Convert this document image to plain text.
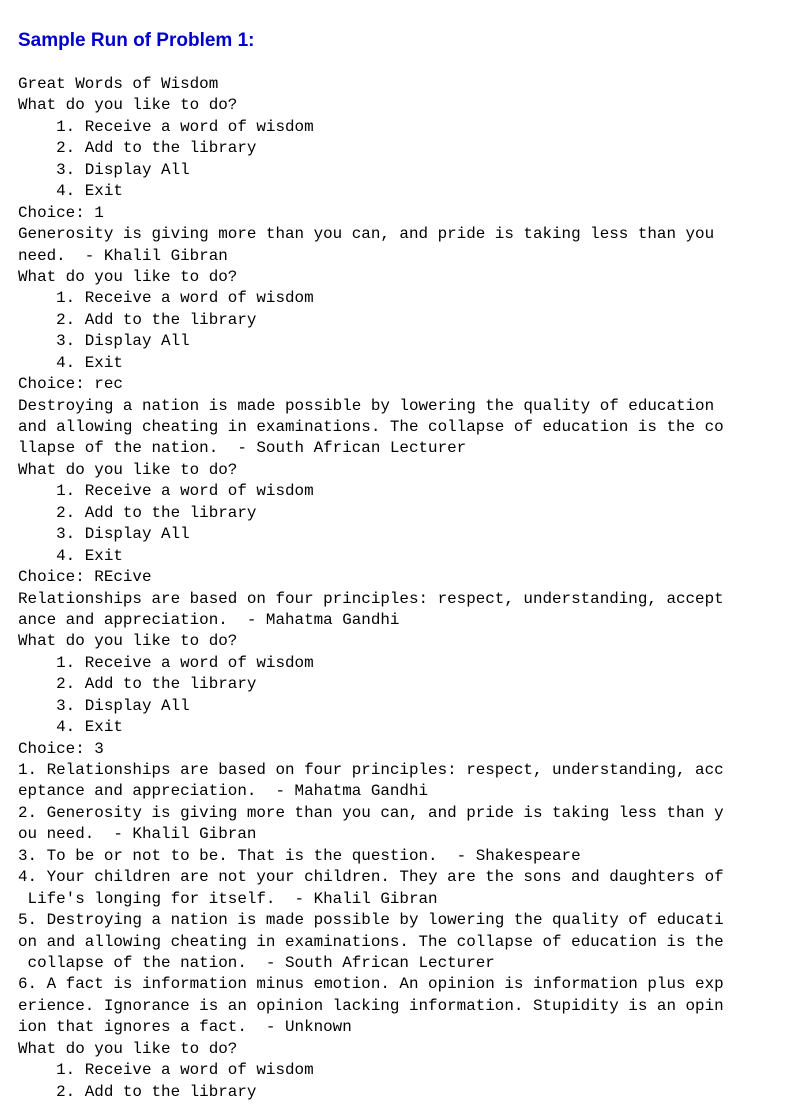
Sample Run of Problem 1:
Great Words of Wisdom
What do you like to do?
1. Receive a word of wisdom
2. Add to the library
3. Display All
4. Exit
Choice: 1
Generosity is giving more than you can, and pride is taking less than you
need.  - Khalil Gibran
What do you like to do?
1. Receive a word of wisdom
2. Add to the library
3. Display All
4. Exit
Choice: rec
Destroying a nation is made possible by lowering the quality of education
and allowing cheating in examinations. The collapse of education is the co
llapse of the nation.  - South African Lecturer
What do you like to do?
1. Receive a word of wisdom
2. Add to the library
3. Display All
4. Exit
Choice: REcive
Relationships are based on four principles: respect, understanding, accept
ance and appreciation.  - Mahatma Gandhi
What do you like to do?
1. Receive a word of wisdom
2. Add to the library
3. Display All
4. Exit
Choice: 3
1. Relationships are based on four principles: respect, understanding, acc
eptance and appreciation.  - Mahatma Gandhi
2. Generosity is giving more than you can, and pride is taking less than y
ou need.  - Khalil Gibran
3. To be or not to be. That is the question.  - Shakespeare
4. Your children are not your children. They are the sons and daughters of
Life's longing for itself.  - Khalil Gibran
5. Destroying a nation is made possible by lowering the quality of educati
on and allowing cheating in examinations. The collapse of education is the
collapse of the nation.  - South African Lecturer
6. A fact is information minus emotion. An opinion is information plus exp
erience. Ignorance is an opinion lacking information. Stupidity is an opin
ion that ignores a fact.  - Unknown
What do you like to do?
1. Receive a word of wisdom
2. Add to the library
